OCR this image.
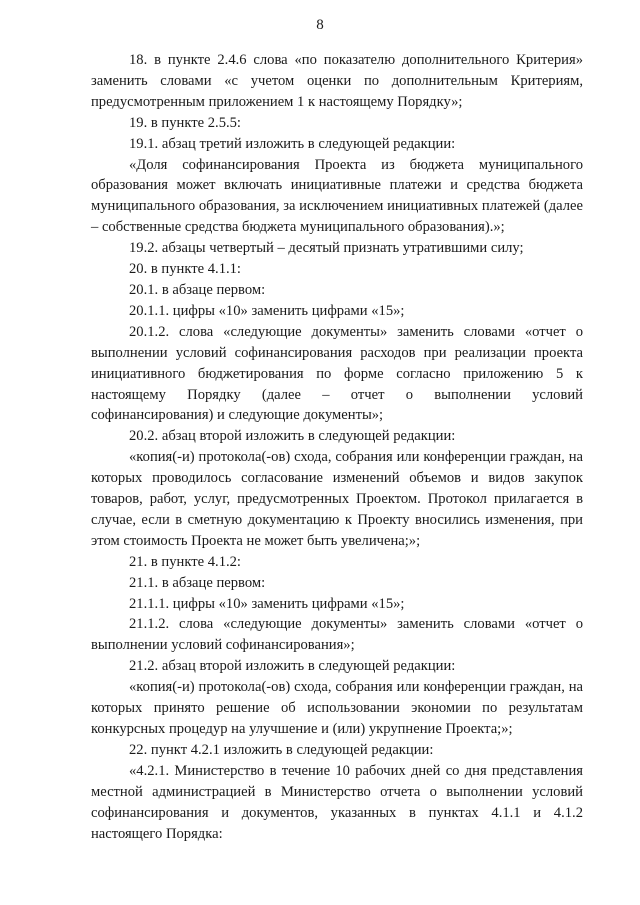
8

18. в пункте 2.4.6 слова «по показателю дополнительного Критерия» заменить словами «с учетом оценки по дополнительным Критериям, предусмотренным приложением 1 к настоящему Порядку»;

19. в пункте 2.5.5:

19.1. абзац третий изложить в следующей редакции:

«Доля софинансирования Проекта из бюджета муниципального образования может включать инициативные платежи и средства бюджета муниципального образования, за исключением инициативных платежей (далее – собственные средства бюджета муниципального образования).»;

19.2. абзацы четвертый – десятый признать утратившими силу;

20. в пункте 4.1.1:

20.1. в абзаце первом:

20.1.1. цифры «10» заменить цифрами «15»;

20.1.2. слова «следующие документы» заменить словами «отчет о выполнении условий софинансирования расходов при реализации проекта инициативного бюджетирования по форме согласно приложению 5 к настоящему Порядку (далее – отчет о выполнении условий софинансирования) и следующие документы»;

20.2. абзац второй изложить в следующей редакции:

«копия(-и) протокола(-ов) схода, собрания или конференции граждан, на которых проводилось согласование изменений объемов и видов закупок товаров, работ, услуг, предусмотренных Проектом. Протокол прилагается в случае, если в сметную документацию к Проекту вносились изменения, при этом стоимость Проекта не может быть увеличена;»;

21. в пункте 4.1.2:

21.1. в абзаце первом:

21.1.1. цифры «10» заменить цифрами «15»;

21.1.2. слова «следующие документы» заменить словами «отчет о выполнении условий софинансирования»;

21.2. абзац второй изложить в следующей редакции:

«копия(-и) протокола(-ов) схода, собрания или конференции граждан, на которых принято решение об использовании экономии по результатам конкурсных процедур на улучшение и (или) укрупнение Проекта;»;

22. пункт 4.2.1 изложить в следующей редакции:

«4.2.1. Министерство в течение 10 рабочих дней со дня представления местной администрацией в Министерство отчета о выполнении условий софинансирования и документов, указанных в пунктах 4.1.1 и 4.1.2 настоящего Порядка:
